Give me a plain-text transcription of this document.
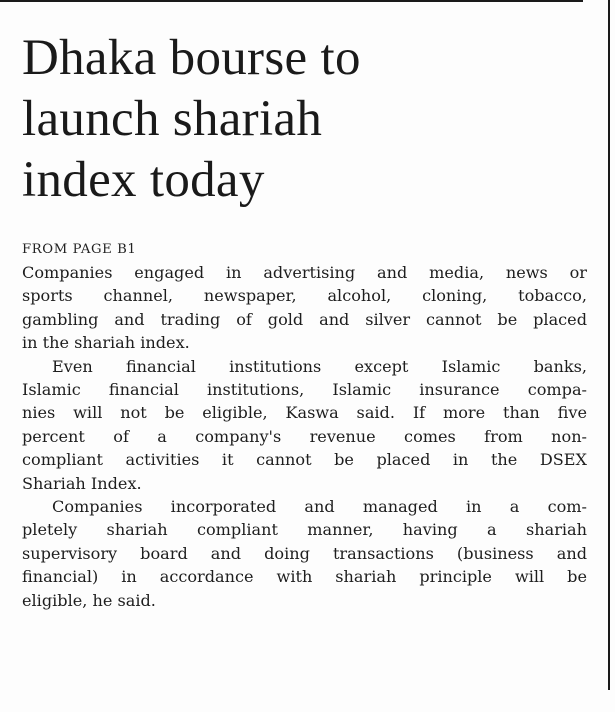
Dhaka bourse to
launch shariah
index today
FROM PAGE B1

Companies engaged in advertising and media, news or
sports channel, newspaper, alcohol, cloning, tobacco,
gambling and trading of gold and silver cannot be placed
in the shariah index.

Even financial institutions except Islamic banks,
Islamic financial institutions, Islamic insurance compa-
nies will not be eligible, Kaswa said. If more than five
percent of a company's revenue comes from non-
compliant activities it cannot be placed in the DSEX
Shariah Index.

Companies incorporated and managed in a com-
pletely shariah compliant manner, having a shariah
supervisory board and doing transactions (business and
financial) in accordance with shariah principle will be
eligible, he said.
